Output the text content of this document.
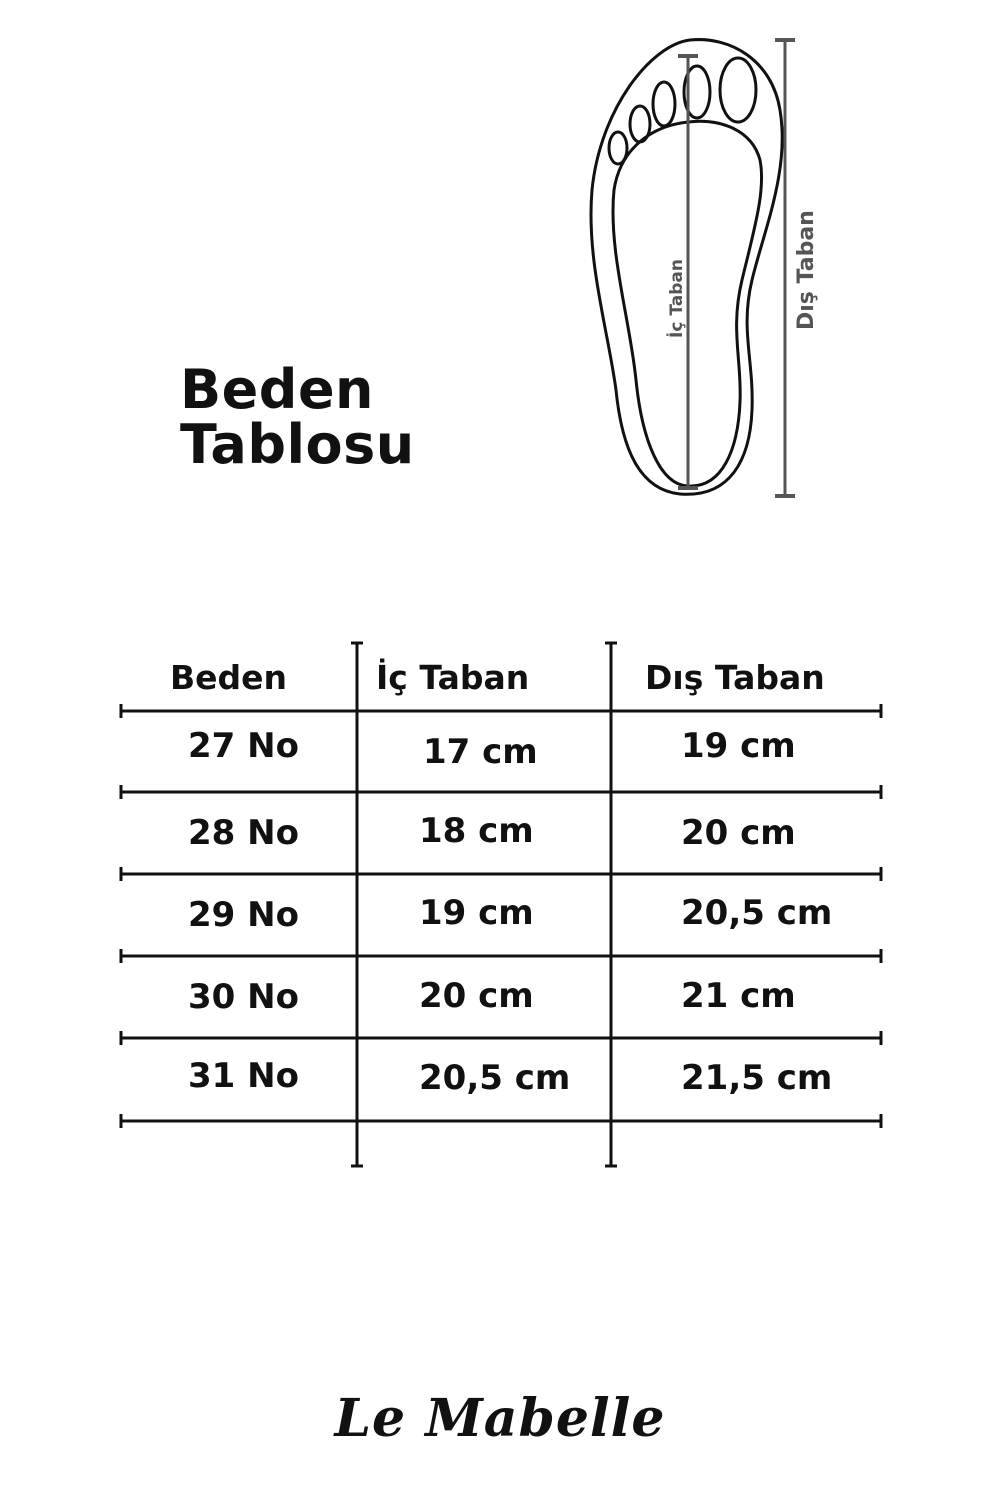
Beden
Tablosu
İç Taban	Dış Taban
Beden	İç Taban	Dış Taban
27 No	17 cm	19 cm
28 No	18 cm	20 cm
29 No	19 cm	20,5 cm
30 No	20 cm	21 cm
31 No	20,5 cm	21,5 cm
Le Mabelle
